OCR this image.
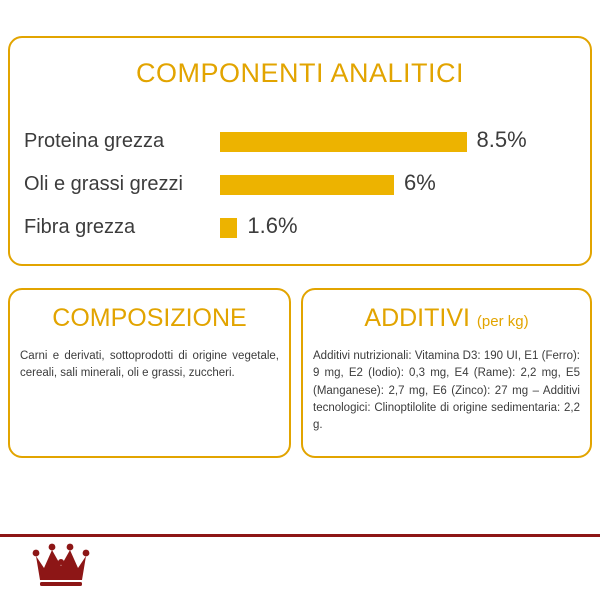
COMPONENTI ANALITICI
Proteina grezza	8.5%
Oli e grassi grezzi	6%
Fibra grezza	1.6%
COMPOSIZIONE
Carni e derivati, sottoprodotti di origine vegetale, cereali, sali minerali, oli e grassi, zuccheri.
ADDITIVI (per kg)
Additivi nutrizionali: Vitamina D3: 190 UI, E1 (Ferro): 9 mg, E2 (Iodio): 0,3 mg, E4 (Rame): 2,2 mg, E5 (Manganese): 2,7 mg, E6 (Zinco): 27 mg – Additivi tecnologici: Clinoptilolite di origine sedimentaria: 2,2 g.
